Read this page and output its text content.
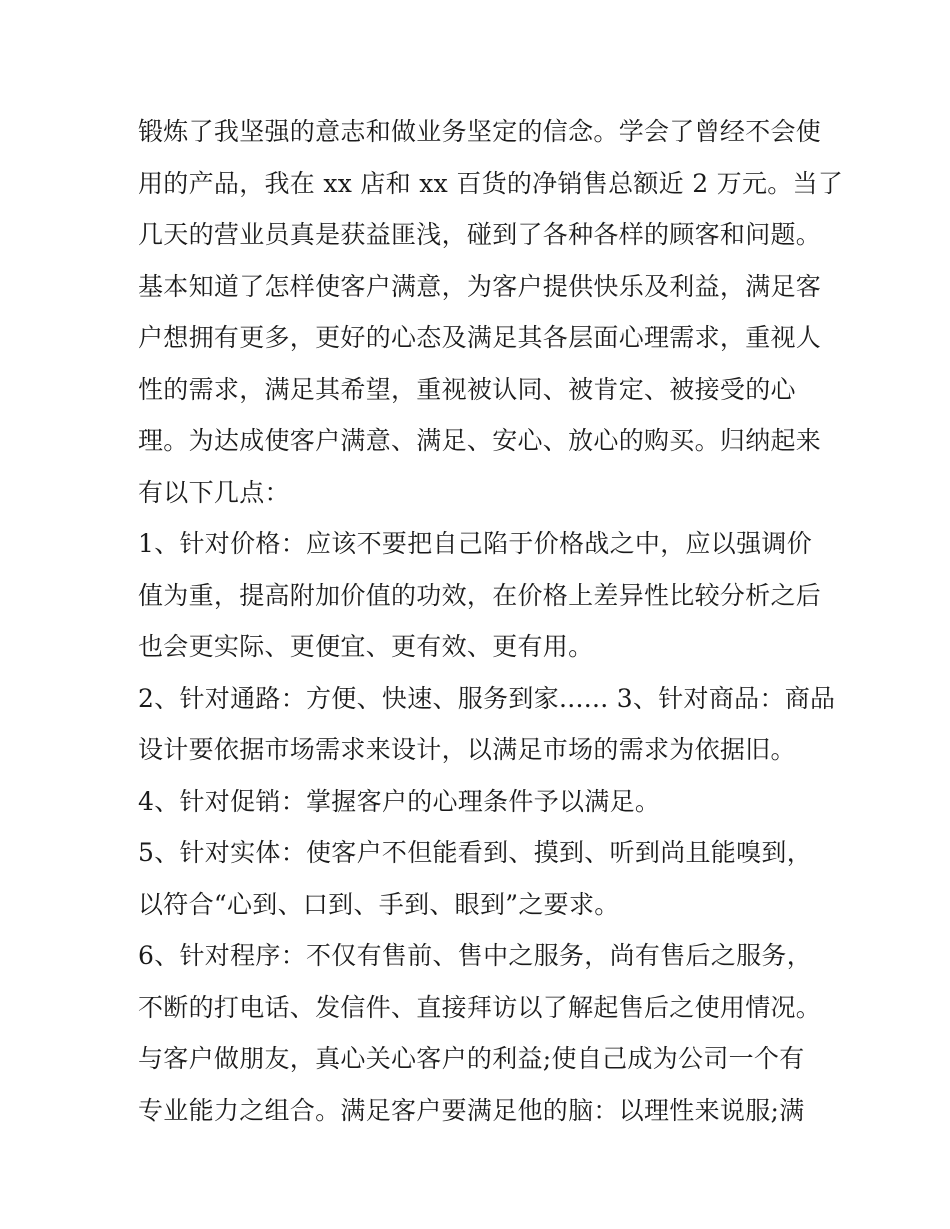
锻炼了我坚强的意志和做业务坚定的信念。学会了曾经不会使
用的产品，我在 xx 店和 xx 百货的净销售总额近 2 万元。当了
几天的营业员真是获益匪浅，碰到了各种各样的顾客和问题。
基本知道了怎样使客户满意，为客户提供快乐及利益，满足客
户想拥有更多，更好的心态及满足其各层面心理需求，重视人
性的需求，满足其希望，重视被认同、被肯定、被接受的心
理。为达成使客户满意、满足、安心、放心的购买。归纳起来
有以下几点：
1、针对价格：应该不要把自己陷于价格战之中，应以强调价
值为重，提高附加价值的功效，在价格上差异性比较分析之后
也会更实际、更便宜、更有效、更有用。
2、针对通路：方便、快速、服务到家...... 3、针对商品：商品
设计要依据市场需求来设计，以满足市场的需求为依据旧。
4、针对促销：掌握客户的心理条件予以满足。
5、针对实体：使客户不但能看到、摸到、听到尚且能嗅到，
以符合“心到、口到、手到、眼到”之要求。
6、针对程序：不仅有售前、售中之服务，尚有售后之服务，
不断的打电话、发信件、直接拜访以了解起售后之使用情况。
与客户做朋友，真心关心客户的利益;使自己成为公司一个有
专业能力之组合。满足客户要满足他的脑：以理性来说服;满
